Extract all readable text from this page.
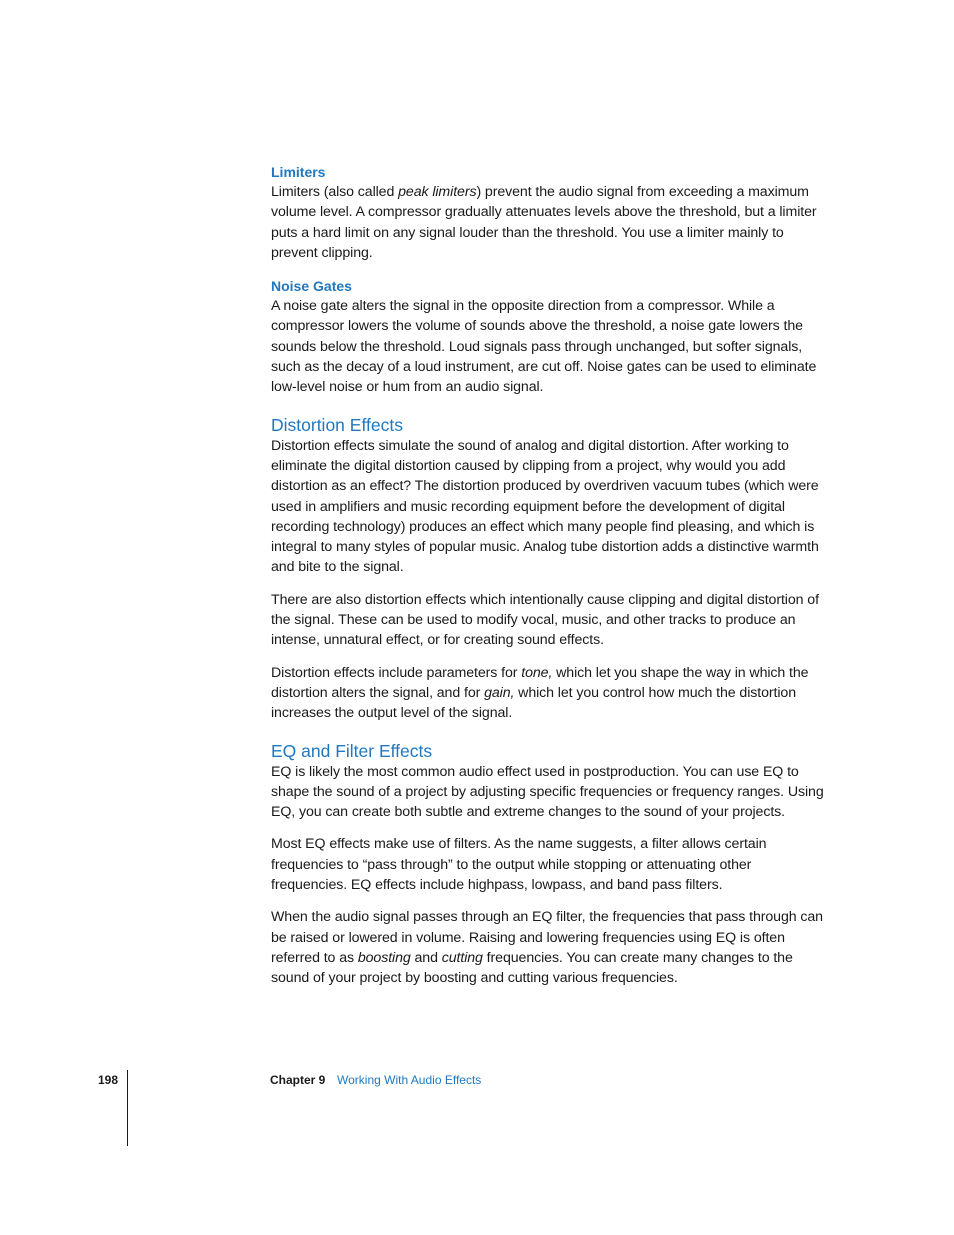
Limiters

Limiters (also called peak limiters) prevent the audio signal from exceeding a maximum volume level. A compressor gradually attenuates levels above the threshold, but a limiter puts a hard limit on any signal louder than the threshold. You use a limiter mainly to prevent clipping.

Noise Gates

A noise gate alters the signal in the opposite direction from a compressor. While a compressor lowers the volume of sounds above the threshold, a noise gate lowers the sounds below the threshold. Loud signals pass through unchanged, but softer signals, such as the decay of a loud instrument, are cut off. Noise gates can be used to eliminate low-level noise or hum from an audio signal.

Distortion Effects

Distortion effects simulate the sound of analog and digital distortion. After working to eliminate the digital distortion caused by clipping from a project, why would you add distortion as an effect? The distortion produced by overdriven vacuum tubes (which were used in amplifiers and music recording equipment before the development of digital recording technology) produces an effect which many people find pleasing, and which is integral to many styles of popular music. Analog tube distortion adds a distinctive warmth and bite to the signal.

There are also distortion effects which intentionally cause clipping and digital distortion of the signal. These can be used to modify vocal, music, and other tracks to produce an intense, unnatural effect, or for creating sound effects.

Distortion effects include parameters for tone, which let you shape the way in which the distortion alters the signal, and for gain, which let you control how much the distortion increases the output level of the signal.

EQ and Filter Effects

EQ is likely the most common audio effect used in postproduction. You can use EQ to shape the sound of a project by adjusting specific frequencies or frequency ranges. Using EQ, you can create both subtle and extreme changes to the sound of your projects.

Most EQ effects make use of filters. As the name suggests, a filter allows certain frequencies to “pass through” to the output while stopping or attenuating other frequencies. EQ effects include highpass, lowpass, and band pass filters.

When the audio signal passes through an EQ filter, the frequencies that pass through can be raised or lowered in volume. Raising and lowering frequencies using EQ is often referred to as boosting and cutting frequencies. You can create many changes to the sound of your project by boosting and cutting various frequencies.

198	Chapter 9 Working With Audio Effects
